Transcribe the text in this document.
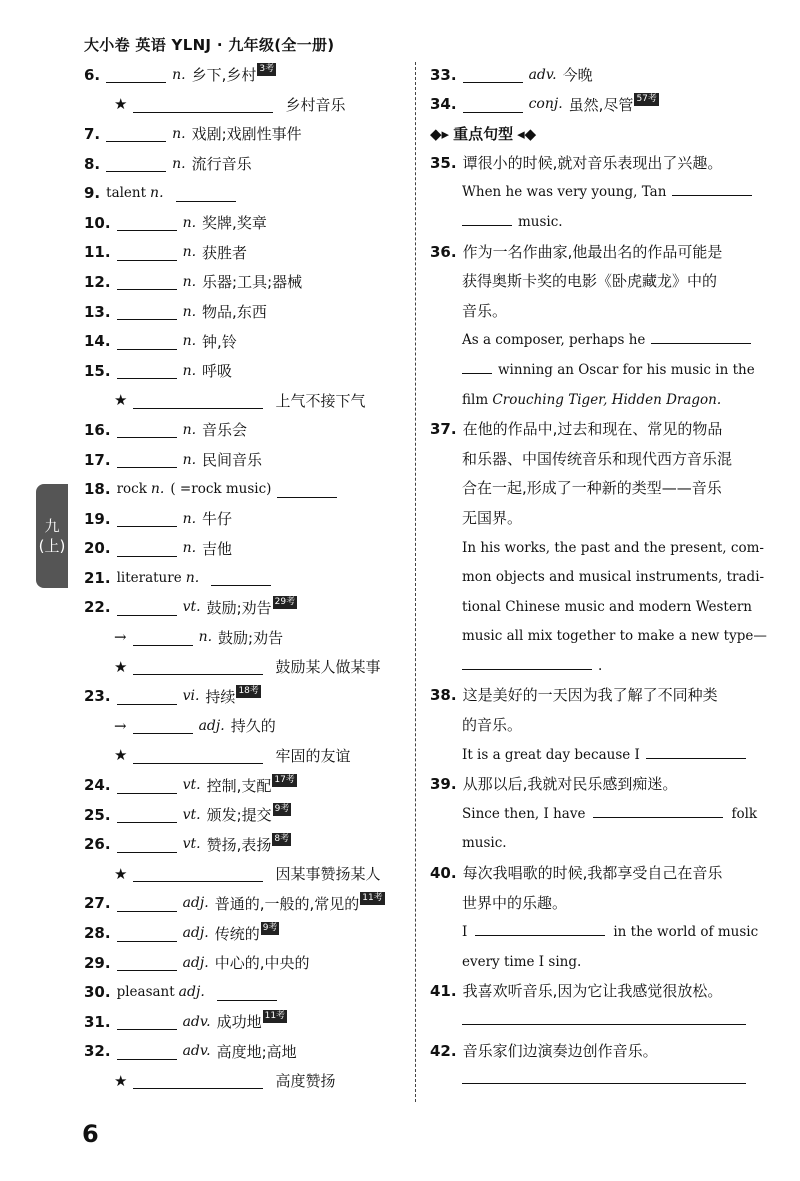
大小卷 英语 YLNJ · 九年级(全一册)
九
(上)
6.	n. 乡下,乡村 3考
★	乡村音乐
7.	n. 戏剧;戏剧性事件
8.	n. 流行音乐
9. talent n.
10.	n. 奖牌,奖章
11.	n. 获胜者
12.	n. 乐器;工具;器械
13.	n. 物品,东西
14.	n. 钟,铃
15.	n. 呼吸
★	上气不接下气
16.	n. 音乐会
17.	n. 民间音乐
18. rock n. ( =rock music)
19.	n. 牛仔
20.	n. 吉他
21. literature n.
22.	vt. 鼓励;劝告 29考
→	n. 鼓励;劝告
★	鼓励某人做某事
23.	vi. 持续 18考
→	adj. 持久的
★	牢固的友谊
24.	vt. 控制,支配 17考
25.	vt. 颁发;提交 9考
26.	vt. 赞扬,表扬 8考
★	因某事赞扬某人
27.	adj. 普通的,一般的,常见的 11考
28.	adj. 传统的 9考
29.	adj. 中心的,中央的
30. pleasant adj.
31.	adv. 成功地 11考
32.	adv. 高度地;高地
★	高度赞扬
33.	adv. 今晚
34.	conj. 虽然,尽管 57考
◆▸ 重点句型 ◂◆
35. 谭很小的时候,就对音乐表现出了兴趣。
When he was very young, Tan
music.
36. 作为一名作曲家,他最出名的作品可能是
获得奥斯卡奖的电影《卧虎藏龙》中的
音乐。
As a composer, perhaps he
winning an Oscar for his music in the
film Crouching Tiger, Hidden Dragon.
37. 在他的作品中,过去和现在、常见的物品
和乐器、中国传统音乐和现代西方音乐混
合在一起,形成了一种新的类型——音乐
无国界。
In his works, the past and the present, com-
mon objects and musical instruments, tradi-
tional Chinese music and modern Western
music all mix together to make a new type—
.
38. 这是美好的一天因为我了解了不同种类
的音乐。
It is a great day because I
39. 从那以后,我就对民乐感到痴迷。
Since then, I have	folk
music.
40. 每次我唱歌的时候,我都享受自己在音乐
世界中的乐趣。
I	in the world of music
every time I sing.
41. 我喜欢听音乐,因为它让我感觉很放松。
42. 音乐家们边演奏边创作音乐。
6
